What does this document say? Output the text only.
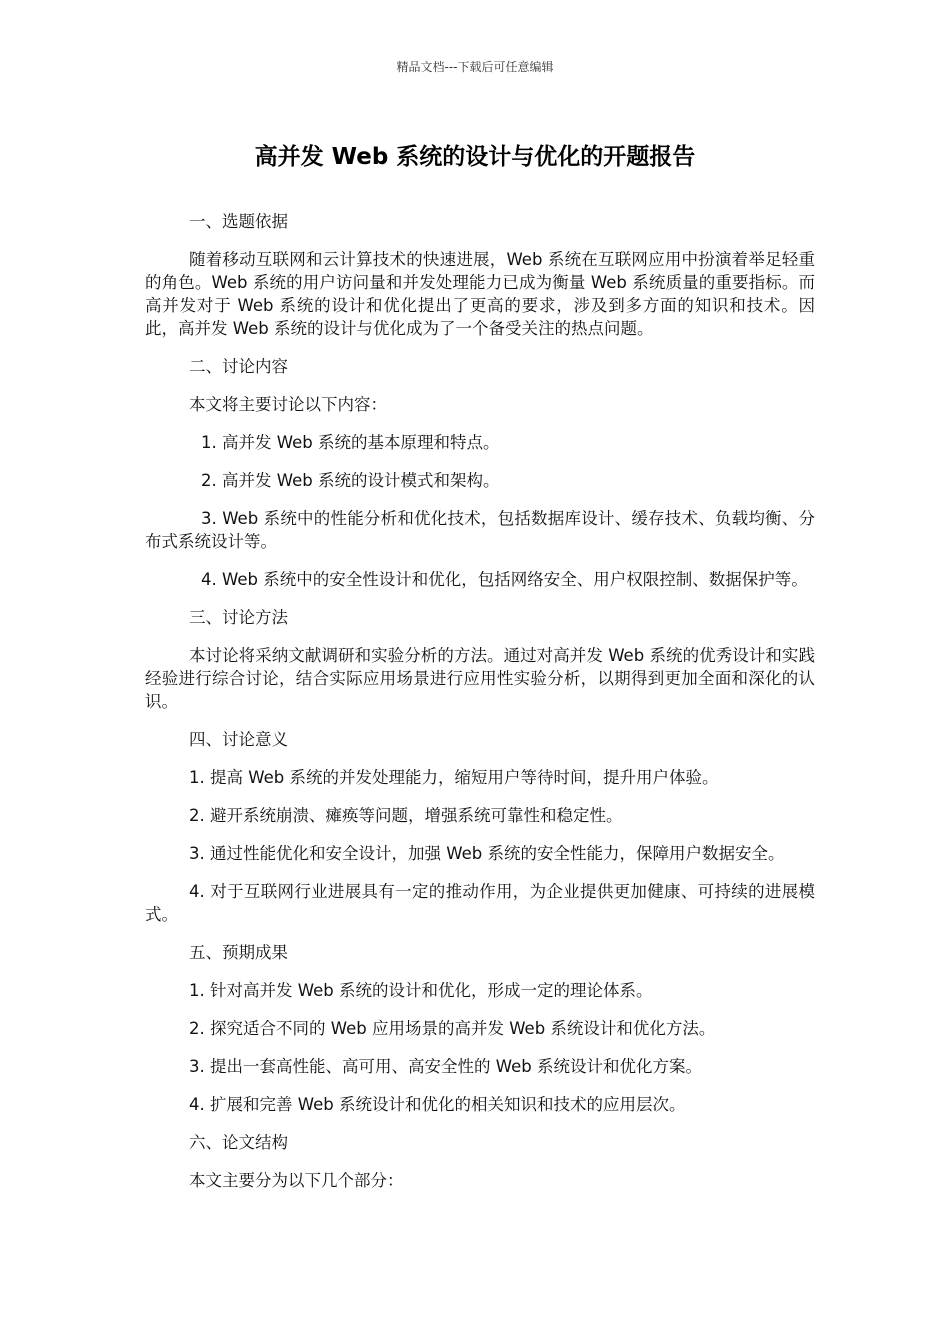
精品文档---下载后可任意编辑
高并发 Web 系统的设计与优化的开题报告

一、选题依据

随着移动互联网和云计算技术的快速进展，Web 系统在互联网应用中扮演着举足轻重的角色。Web 系统的用户访问量和并发处理能力已成为衡量 Web 系统质量的重要指标。而高并发对于 Web 系统的设计和优化提出了更高的要求，涉及到多方面的知识和技术。因此，高并发 Web 系统的设计与优化成为了一个备受关注的热点问题。

二、讨论内容

本文将主要讨论以下内容：

1. 高并发 Web 系统的基本原理和特点。

2. 高并发 Web 系统的设计模式和架构。

3. Web 系统中的性能分析和优化技术，包括数据库设计、缓存技术、负载均衡、分布式系统设计等。

4. Web 系统中的安全性设计和优化，包括网络安全、用户权限控制、数据保护等。

三、讨论方法

本讨论将采纳文献调研和实验分析的方法。通过对高并发 Web 系统的优秀设计和实践经验进行综合讨论，结合实际应用场景进行应用性实验分析，以期得到更加全面和深化的认识。

四、讨论意义

1. 提高 Web 系统的并发处理能力，缩短用户等待时间，提升用户体验。

2. 避开系统崩溃、瘫痪等问题，增强系统可靠性和稳定性。

3. 通过性能优化和安全设计，加强 Web 系统的安全性能力，保障用户数据安全。

4. 对于互联网行业进展具有一定的推动作用，为企业提供更加健康、可持续的进展模式。

五、预期成果

1. 针对高并发 Web 系统的设计和优化，形成一定的理论体系。

2. 探究适合不同的 Web 应用场景的高并发 Web 系统设计和优化方法。

3. 提出一套高性能、高可用、高安全性的 Web 系统设计和优化方案。

4. 扩展和完善 Web 系统设计和优化的相关知识和技术的应用层次。

六、论文结构

本文主要分为以下几个部分：
